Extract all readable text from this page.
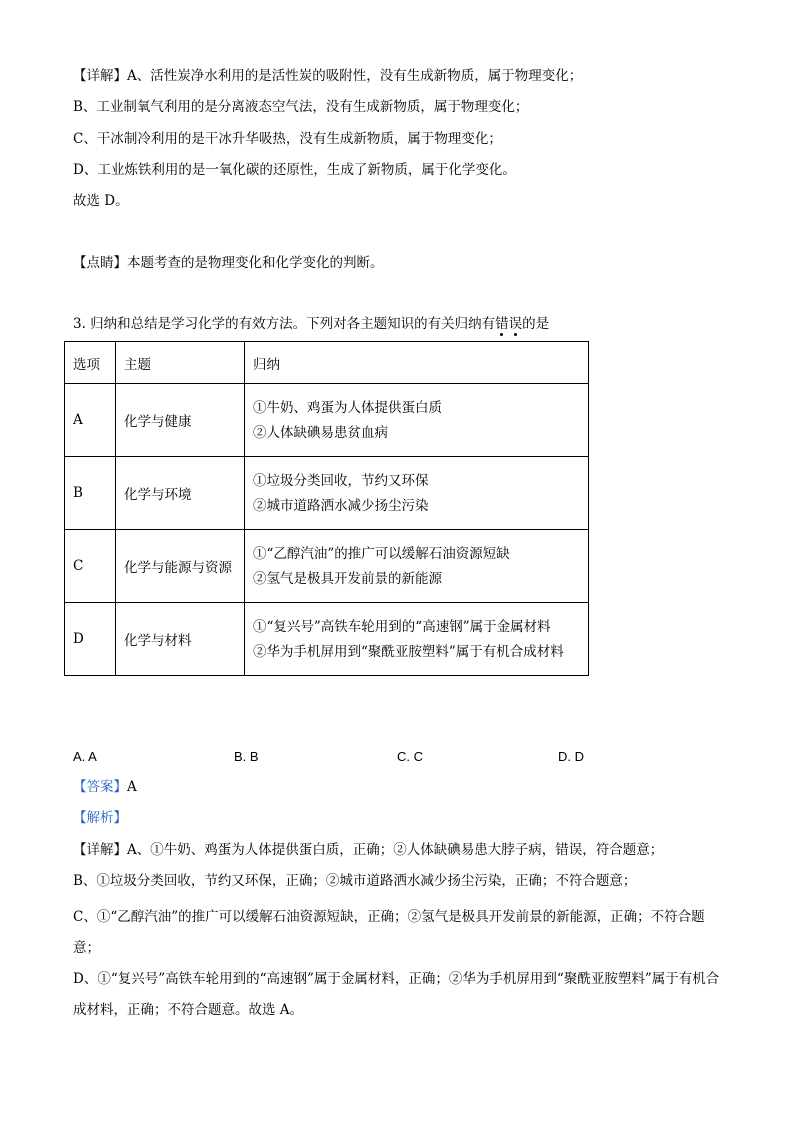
【详解】A、活性炭净水利用的是活性炭的吸附性，没有生成新物质，属于物理变化；
B、工业制氧气利用的是分离液态空气法，没有生成新物质，属于物理变化；
C、干冰制冷利用的是干冰升华吸热，没有生成新物质，属于物理变化；
D、工业炼铁利用的是一氧化碳的还原性，生成了新物质，属于化学变化。
故选 D。
【点睛】本题考查的是物理变化和化学变化的判断。
3. 归纳和总结是学习化学的有效方法。下列对各主题知识的有关归纳有错误的是
选项	主题	归纳
A	化学与健康	①牛奶、鸡蛋为人体提供蛋白质
②人体缺碘易患贫血病

B	化学与环境	①垃圾分类回收，节约又环保
②城市道路洒水减少扬尘污染

C	化学与能源与资源	①“乙醇汽油”的推广可以缓解石油资源短缺
②氢气是极具开发前景的新能源

D	化学与材料	①“复兴号”高铁车轮用到的“高速钢”属于金属材料
②华为手机屏用到“聚酰亚胺塑料”属于有机合成材料
A. A	B. B	C. C	D. D
【答案】A
【解析】
【详解】A、①牛奶、鸡蛋为人体提供蛋白质，正确；②人体缺碘易患大脖子病，错误，符合题意；
B、①垃圾分类回收，节约又环保，正确；②城市道路洒水减少扬尘污染，正确；不符合题意；
C、①“乙醇汽油”的推广可以缓解石油资源短缺，正确；②氢气是极具开发前景的新能源，正确；不符合题意；
D、①“复兴号”高铁车轮用到的“高速钢”属于金属材料，正确；②华为手机屏用到“聚酰亚胺塑料”属于有机合成材料，正确；不符合题意。故选 A。
